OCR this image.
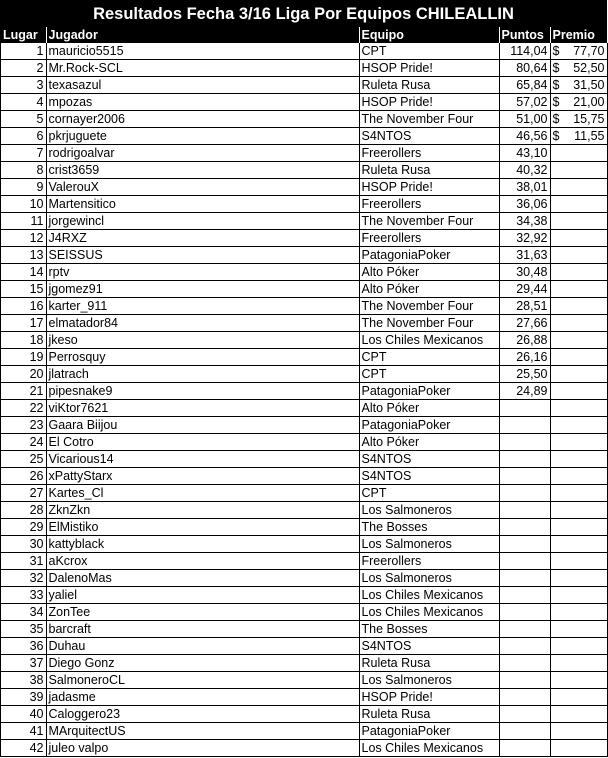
Resultados Fecha 3/16 Liga Por Equipos CHILEALLIN
Lugar	Jugador	Equipo	Puntos	Premio
1	mauricio5515	CPT	114,04	$ 77,70

2	Mr.Rock-SCL	HSOP Pride!	80,64	$ 52,50

3	texasazul	Ruleta Rusa	65,84	$ 31,50

4	mpozas	HSOP Pride!	57,02	$ 21,00

5	cornayer2006	The November Four	51,00	$ 15,75

6	pkrjuguete	S4NTOS	46,56	$ 11,55

7	rodrigoalvar	Freerollers	43,10	
8	crist3659	Ruleta Rusa	40,32	
9	ValerouX	HSOP Pride!	38,01	
10	Martensitico	Freerollers	36,06	
11	jorgewincl	The November Four	34,38	
12	J4RXZ	Freerollers	32,92	
13	SEISSUS	PatagoniaPoker	31,63	
14	rptv	Alto Póker	30,48	
15	jgomez91	Alto Póker	29,44	
16	karter_911	The November Four	28,51	
17	elmatador84	The November Four	27,66	
18	jkeso	Los Chiles Mexicanos	26,88	
19	Perrosquy	CPT	26,16	
20	jlatrach	CPT	25,50	
21	pipesnake9	PatagoniaPoker	24,89	
22	viKtor7621	Alto Póker		
23	Gaara Biijou	PatagoniaPoker		
24	El Cotro	Alto Póker		
25	Vicarious14	S4NTOS		
26	xPattyStarx	S4NTOS		
27	Kartes_Cl	CPT		
28	ZknZkn	Los Salmoneros		
29	ElMistiko	The Bosses		
30	kattyblack	Los Salmoneros		
31	aKcrox	Freerollers		
32	DalenoMas	Los Salmoneros		
33	yaliel	Los Chiles Mexicanos		
34	ZonTee	Los Chiles Mexicanos		
35	barcraft	The Bosses		
36	Duhau	S4NTOS		
37	Diego Gonz	Ruleta Rusa		
38	SalmoneroCL	Los Salmoneros		
39	jadasme	HSOP Pride!		
40	Caloggero23	Ruleta Rusa		
41	MArquitectUS	PatagoniaPoker		
42	juleo valpo	Los Chiles Mexicanos		
